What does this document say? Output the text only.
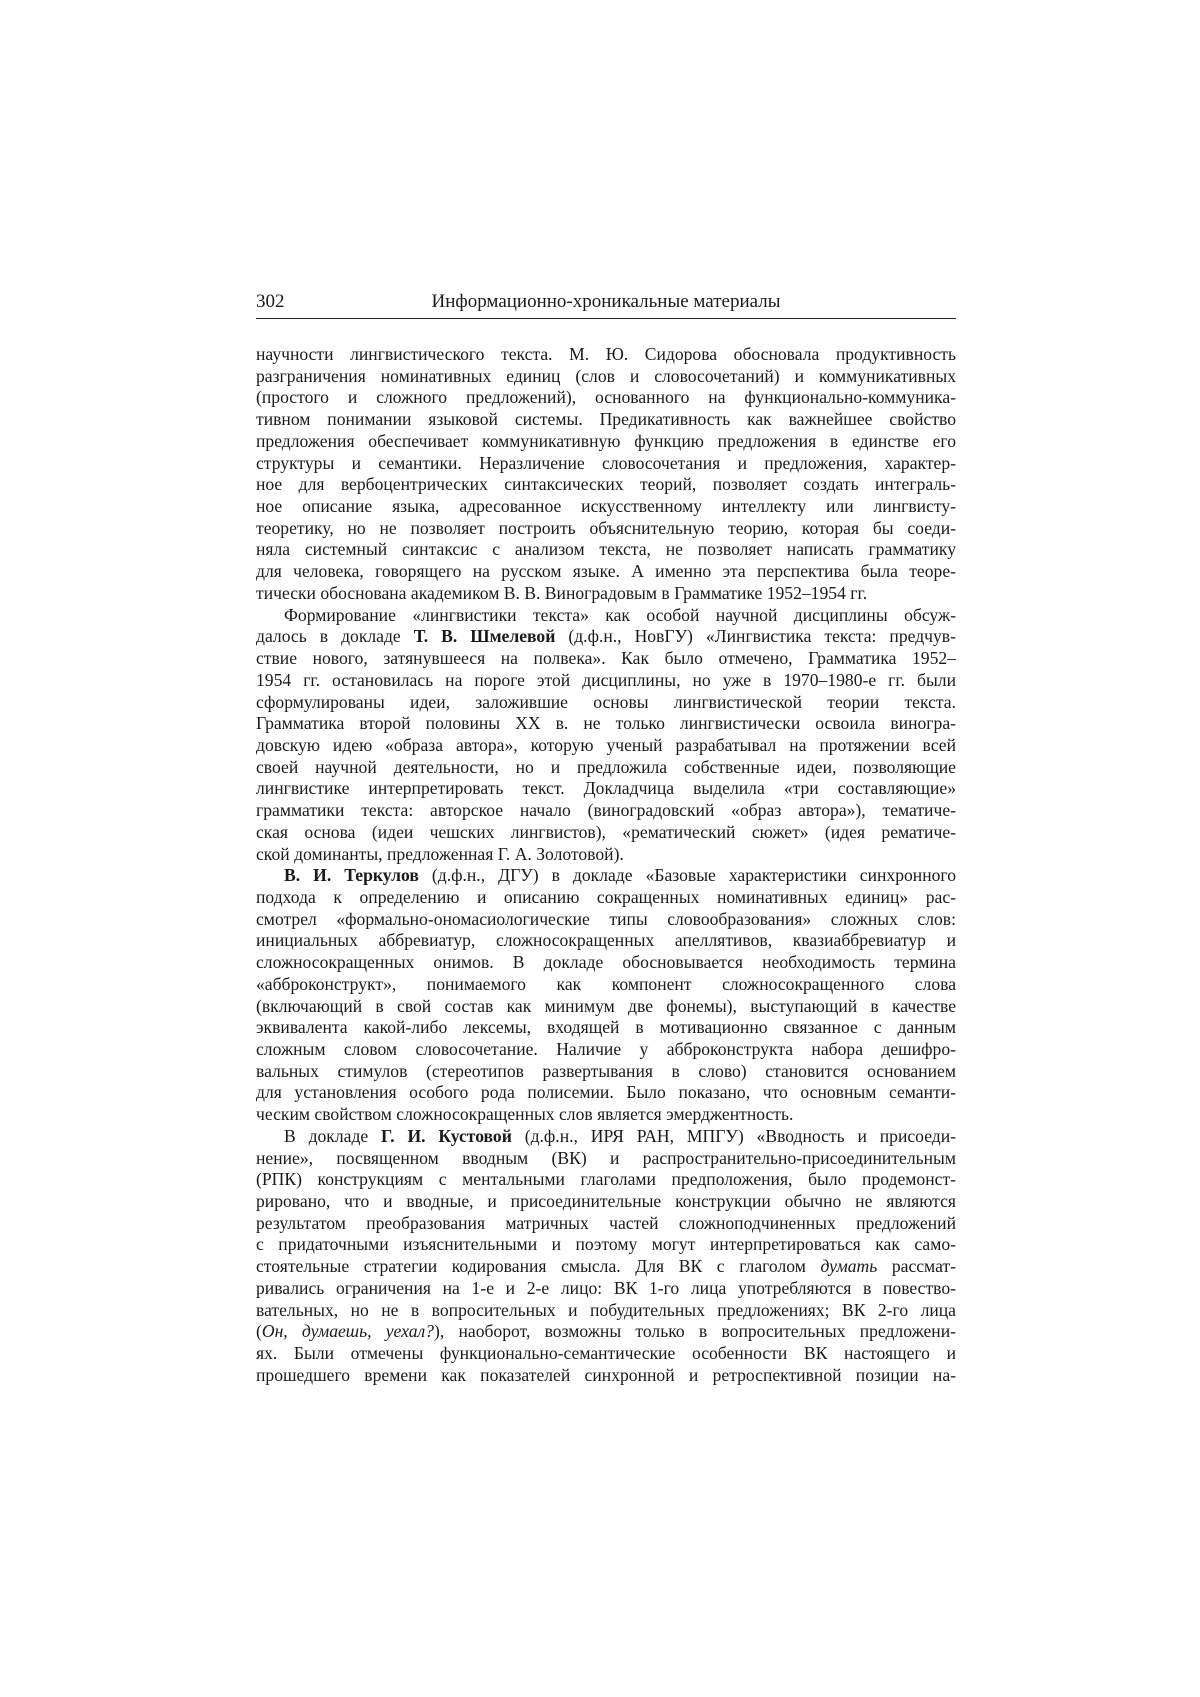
302	Информационно-хроникальные материалы
научности лингвистического текста. М. Ю. Сидорова обосновала продуктивность
разграничения номинативных единиц (слов и словосочетаний) и коммуникативных
(простого и сложного предложений), основанного на функционально-коммуника-
тивном понимании языковой системы. Предикативность как важнейшее свойство
предложения обеспечивает коммуникативную функцию предложения в единстве его
структуры и семантики. Неразличение словосочетания и предложения, характер-
ное для вербоцентрических синтаксических теорий, позволяет создать интеграль-
ное описание языка, адресованное искусственному интеллекту или лингвисту-
теоретику, но не позволяет построить объяснительную теорию, которая бы соеди-
няла системный синтаксис с анализом текста, не позволяет написать грамматику
для человека, говорящего на русском языке. А именно эта перспектива была теоре-
тически обоснована академиком В. В. Виноградовым в Грамматике 1952–1954 гг.
Формирование «лингвистики текста» как особой научной дисциплины обсуж-
далось в докладе Т. В. Шмелевой (д.ф.н., НовГУ) «Лингвистика текста: предчув-
ствие нового, затянувшееся на полвека». Как было отмечено, Грамматика 1952–
1954 гг. остановилась на пороге этой дисциплины, но уже в 1970–1980-е гг. были
сформулированы идеи, заложившие основы лингвистической теории текста.
Грамматика второй половины XX в. не только лингвистически освоила виногра-
довскую идею «образа автора», которую ученый разрабатывал на протяжении всей
своей научной деятельности, но и предложила собственные идеи, позволяющие
лингвистике интерпретировать текст. Докладчица выделила «три составляющие»
грамматики текста: авторское начало (виноградовский «образ автора»), тематиче-
ская основа (идеи чешских лингвистов), «рематический сюжет» (идея рематиче-
ской доминанты, предложенная Г. А. Золотовой).
В. И. Теркулов (д.ф.н., ДГУ) в докладе «Базовые характеристики синхронного
подхода к определению и описанию сокращенных номинативных единиц» рас-
смотрел «формально-ономасиологические типы словообразования» сложных слов:
инициальных аббревиатур, сложносокращенных апеллятивов, квазиаббревиатур и
сложносокращенных онимов. В докладе обосновывается необходимость термина
«абброконструкт», понимаемого как компонент сложносокращенного слова
(включающий в свой состав как минимум две фонемы), выступающий в качестве
эквивалента какой-либо лексемы, входящей в мотивационно связанное с данным
сложным словом словосочетание. Наличие у абброконструкта набора дешифро-
вальных стимулов (стереотипов развертывания в слово) становится основанием
для установления особого рода полисемии. Было показано, что основным семанти-
ческим свойством сложносокращенных слов является эмерджентность.
В докладе Г. И. Кустовой (д.ф.н., ИРЯ РАН, МПГУ) «Вводность и присоеди-
нение», посвященном вводным (ВК) и распространительно-присоединительным
(РПК) конструкциям с ментальными глаголами предположения, было продемонст-
рировано, что и вводные, и присоединительные конструкции обычно не являются
результатом преобразования матричных частей сложноподчиненных предложений
с придаточными изъяснительными и поэтому могут интерпретироваться как само-
стоятельные стратегии кодирования смысла. Для ВК с глаголом думать рассмат-
ривались ограничения на 1-е и 2-е лицо: ВК 1-го лица употребляются в повество-
вательных, но не в вопросительных и побудительных предложениях; ВК 2-го лица
(Он, думаешь, уехал?), наоборот, возможны только в вопросительных предложени-
ях. Были отмечены функционально-семантические особенности ВК настоящего и
прошедшего времени как показателей синхронной и ретроспективной позиции на-
